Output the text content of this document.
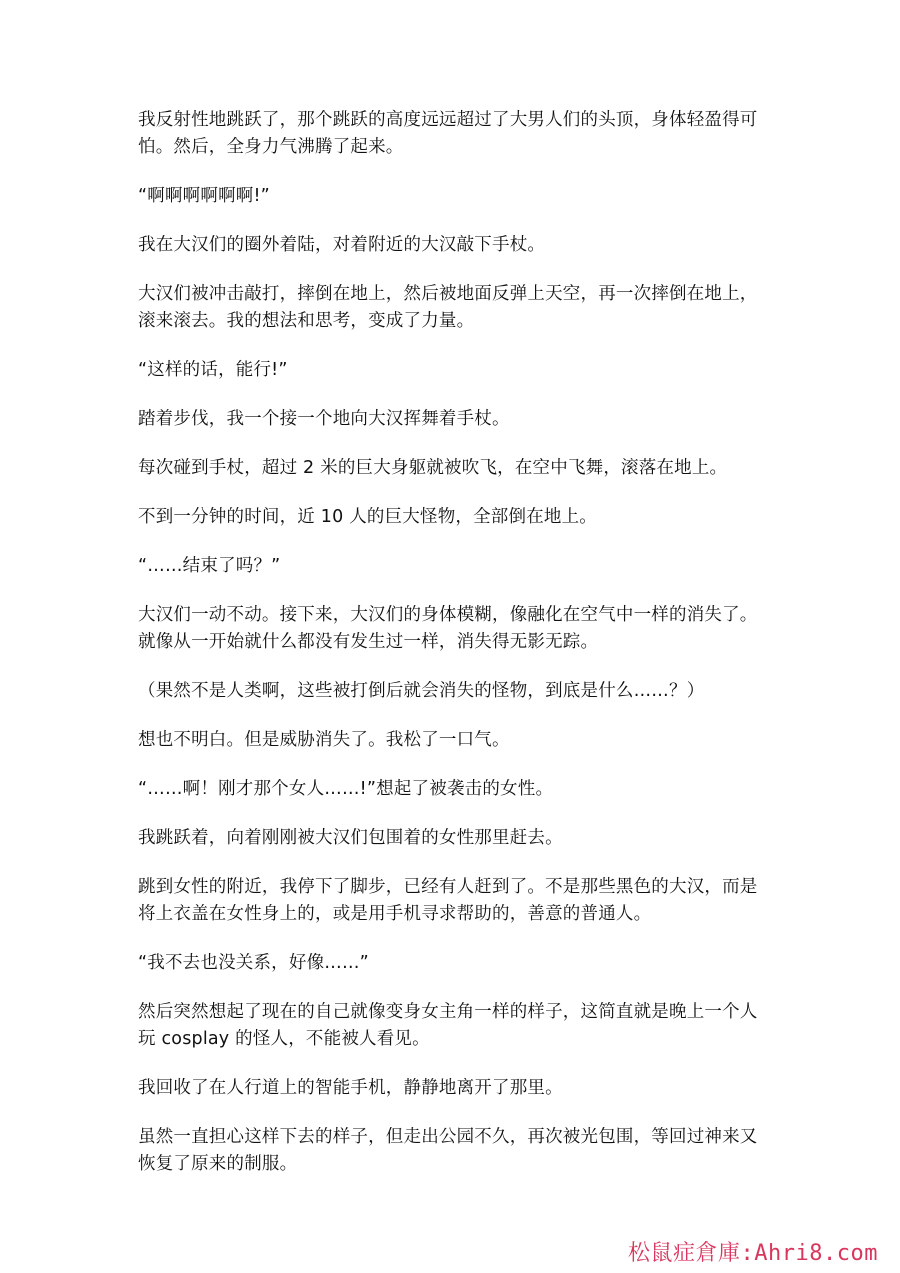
我反射性地跳跃了，那个跳跃的高度远远超过了大男人们的头顶，身体轻盈得可怕。然后，全身力气沸腾了起来。

“啊啊啊啊啊啊!”

我在大汉们的圈外着陆，对着附近的大汉敲下手杖。

大汉们被冲击敲打，摔倒在地上，然后被地面反弹上天空，再一次摔倒在地上，滚来滚去。我的想法和思考，变成了力量。

“这样的话，能行!”

踏着步伐，我一个接一个地向大汉挥舞着手杖。

每次碰到手杖，超过 2 米的巨大身躯就被吹飞，在空中飞舞，滚落在地上。

不到一分钟的时间，近 10 人的巨大怪物，全部倒在地上。

“……结束了吗？”

大汉们一动不动。接下来，大汉们的身体模糊，像融化在空气中一样的消失了。就像从一开始就什么都没有发生过一样，消失得无影无踪。

（果然不是人类啊，这些被打倒后就会消失的怪物，到底是什么……？）

想也不明白。但是威胁消失了。我松了一口气。

“……啊！刚才那个女人……!”想起了被袭击的女性。

我跳跃着，向着刚刚被大汉们包围着的女性那里赶去。

跳到女性的附近，我停下了脚步，已经有人赶到了。不是那些黑色的大汉，而是将上衣盖在女性身上的，或是用手机寻求帮助的，善意的普通人。

“我不去也没关系，好像……”

然后突然想起了现在的自己就像变身女主角一样的样子，这简直就是晚上一个人玩 cosplay 的怪人，不能被人看见。

我回收了在人行道上的智能手机，静静地离开了那里。

虽然一直担心这样下去的样子，但走出公园不久，再次被光包围，等回过神来又恢复了原来的制服。

松鼠症倉庫:Ahri8.com
